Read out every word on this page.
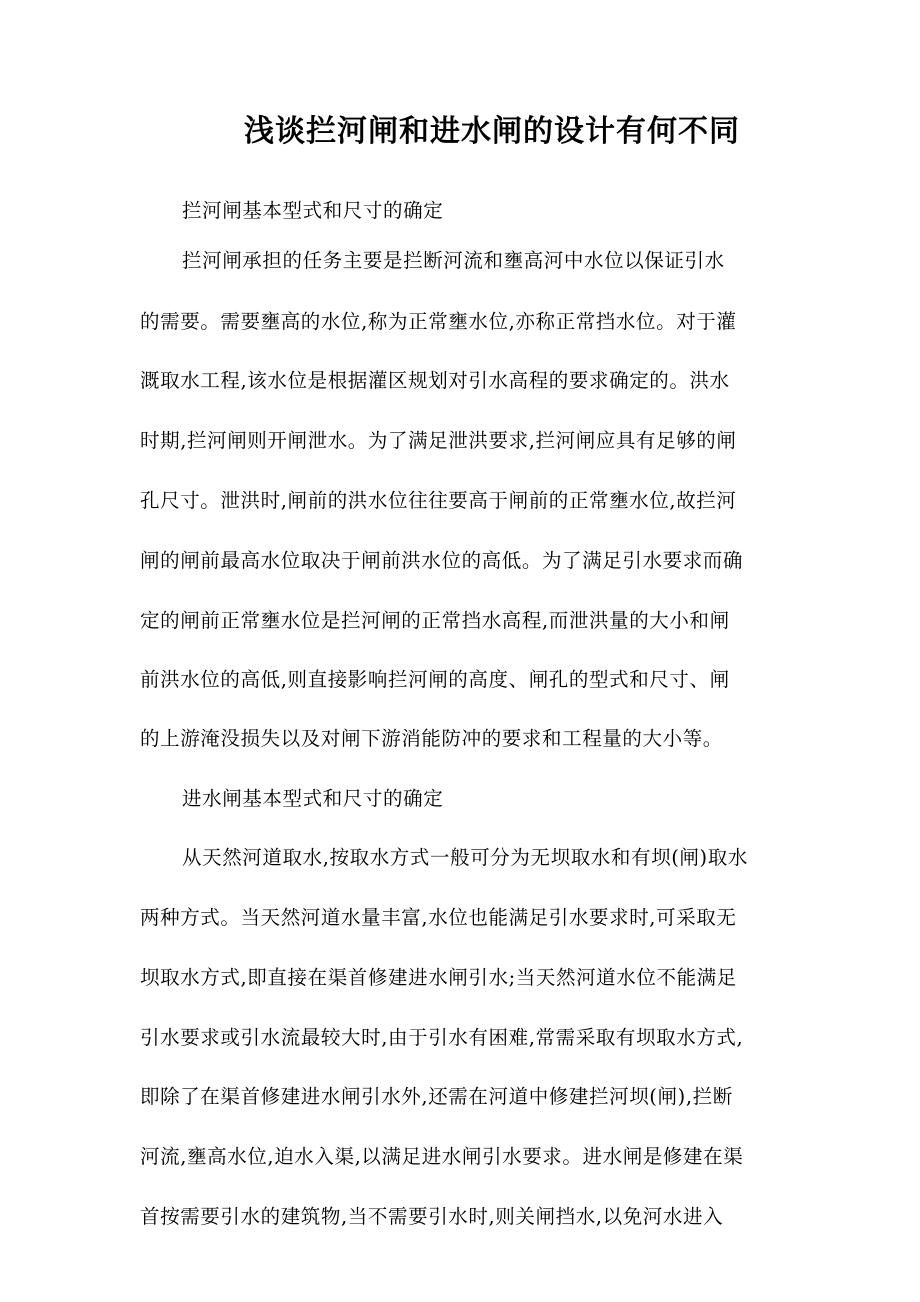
浅谈拦河闸和进水闸的设计有何不同
拦河闸基本型式和尺寸的确定
拦河闸承担的任务主要是拦断河流和壅高河中水位以保证引水
的需要。需要壅高的水位,称为正常壅水位,亦称正常挡水位。对于灌
溉取水工程,该水位是根据灌区规划对引水高程的要求确定的。洪水
时期,拦河闸则开闸泄水。为了满足泄洪要求,拦河闸应具有足够的闸
孔尺寸。泄洪时,闸前的洪水位往往要高于闸前的正常壅水位,故拦河
闸的闸前最高水位取决于闸前洪水位的高低。为了满足引水要求而确
定的闸前正常壅水位是拦河闸的正常挡水高程,而泄洪量的大小和闸
前洪水位的高低,则直接影响拦河闸的高度、闸孔的型式和尺寸、闸
的上游淹没损失以及对闸下游消能防冲的要求和工程量的大小等。
进水闸基本型式和尺寸的确定
从天然河道取水,按取水方式一般可分为无坝取水和有坝(闸)取水
两种方式。当天然河道水量丰富,水位也能满足引水要求时,可采取无
坝取水方式,即直接在渠首修建进水闸引水;当天然河道水位不能满足
引水要求或引水流最较大时,由于引水有困难,常需采取有坝取水方式,
即除了在渠首修建进水闸引水外,还需在河道中修建拦河坝(闸),拦断
河流,壅高水位,迫水入渠,以满足进水闸引水要求。进水闸是修建在渠
首按需要引水的建筑物,当不需要引水时,则关闸挡水,以免河水进入
